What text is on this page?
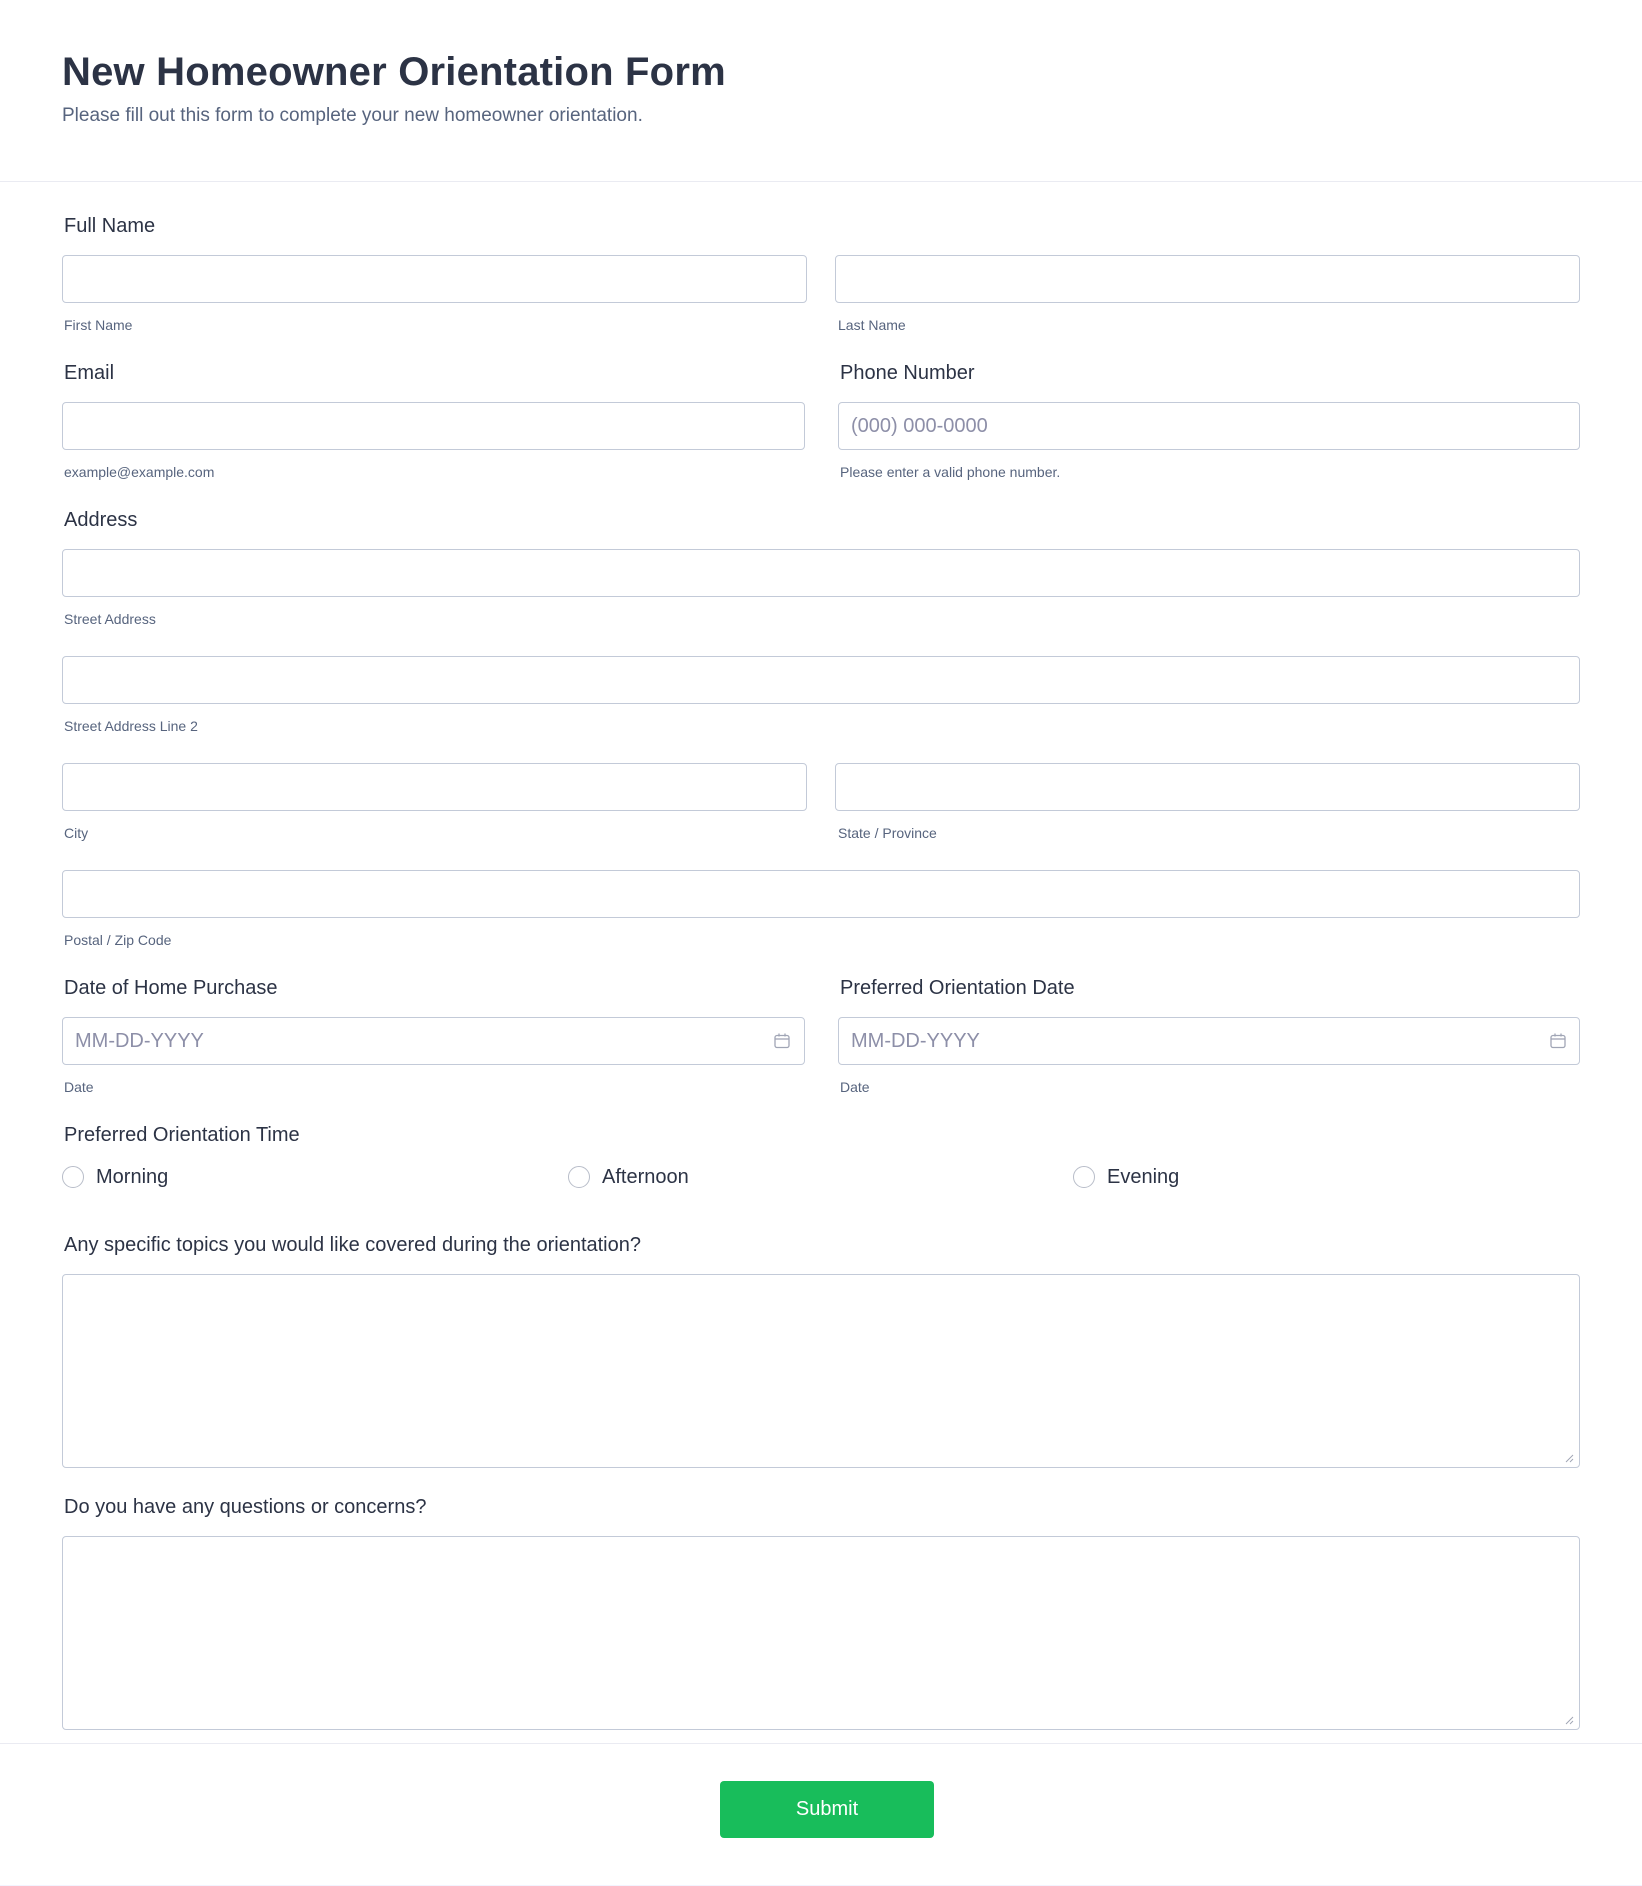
New Homeowner Orientation Form
Please fill out this form to complete your new homeowner orientation.
Full Name
First Name	Last Name
Email
example@example.com
Phone Number
(000) 000-0000
Please enter a valid phone number.
Address
Street Address
Street Address Line 2
City	State / Province
Postal / Zip Code
Date of Home Purchase
MM-DD-YYYY
Date
Preferred Orientation Date
MM-DD-YYYY
Date
Preferred Orientation Time
Morning	Afternoon	Evening
Any specific topics you would like covered during the orientation?
Do you have any questions or concerns?
Submit
